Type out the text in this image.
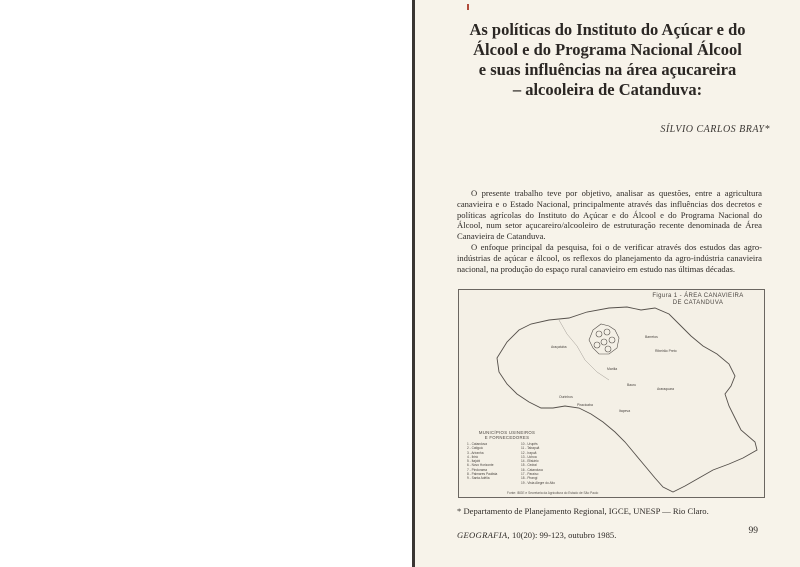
As políticas do Instituto do Açúcar e do
Álcool e do Programa Nacional Álcool
e suas influências na área açucareira
– alcooleira de Catanduva:
SÍLVIO CARLOS BRAY*

O presente trabalho teve por objetivo, analisar as questões, entre a agricultura canavieira e o Estado Nacional, principalmente através das influências dos decretos e políticas agrícolas do Instituto do Açúcar e do Álcool e do Programa Nacional do Álcool, num setor açucareiro/alcooleiro de estruturação recente denominada de Área Canavieira de Catanduva.

O enfoque principal da pesquisa, foi o de verificar através dos estudos das agro-indústrias de açúcar e álcool, os reflexos do planejamento da agro-indústria canavieira nacional, na produção do espaço rural canavieiro em estudo nas últimas décadas.

Araçatuba
Barretos
Ribeirão Preto
Marília
Bauru
Araraquara
Piracicaba
Ourinhos
Itapeva
Figura 1 - ÁREA CANAVIEIRA
DE CATANDUVA
MUNICÍPIOS USINEIROS
E FORNECEDORES
1 - Catanduva
2 - Catiguá
3 - Ariranha
4 - Ibirá
5 - Itajobi
6 - Novo Horizonte
7 - Pindorama
8 - Palmares Paulista
9 - Santa Adélia
10 - Urupês
11 - Tabapuã
12 - Irapuã
13 - Uchoa
14 - Elisiário
15 - Cedral
16 - Catanduva
17 - Paraíso
18 - Pirangi
19 - Vista Alegre do Alto
Fonte: IBGE e Secretaria da Agricultura do Estado de São Paulo
* Departamento de Planejamento Regional, IGCE, UNESP — Rio Claro.
GEOGRAFIA, 10(20): 99-123, outubro 1985.	99
